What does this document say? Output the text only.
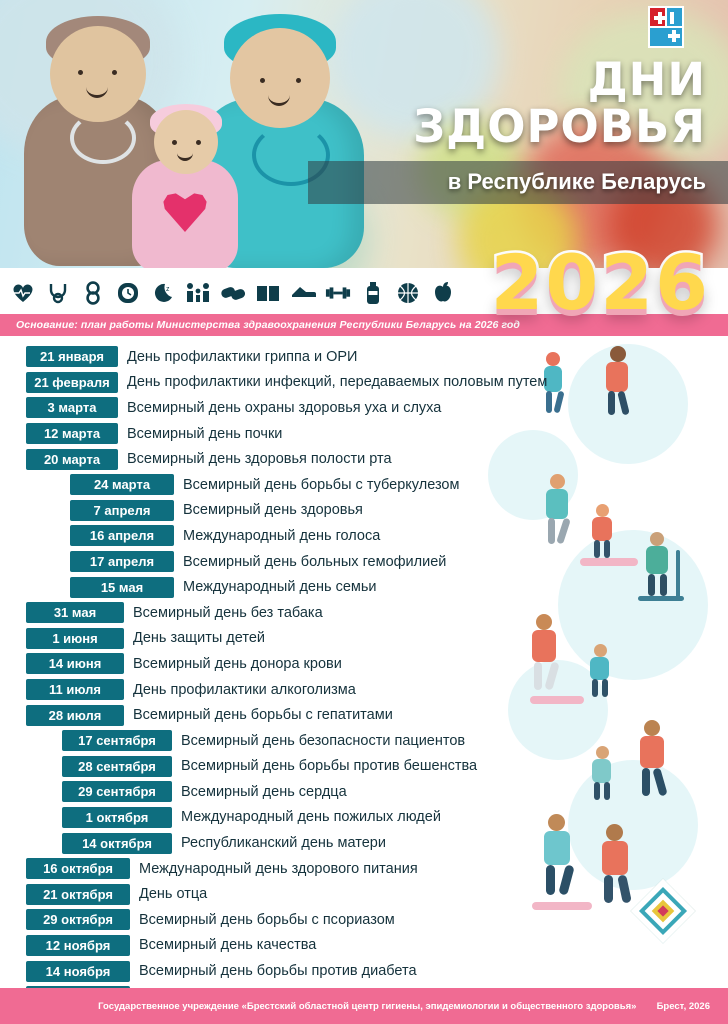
ДНИ ЗДОРОВЬЯ
в Республике Беларусь
2026
z
Основание: план работы Министерства здравоохранения Республики Беларусь на 2026 год
21 января	День профилактики гриппа и ОРИ
21 февраля	День профилактики инфекций, передаваемых половым путем
3 марта	Всемирный день охраны здоровья уха и слуха
12 марта	Всемирный день почки
20 марта	Всемирный день здоровья полости рта
24 марта	Всемирный день борьбы с туберкулезом
7 апреля	Всемирный день здоровья
16 апреля	Международный день голоса
17 апреля	Всемирный день больных гемофилией
15 мая	Международный день семьи
31 мая	Всемирный день без табака
1 июня	День защиты детей
14 июня	Всемирный день донора крови
11 июля	День профилактики алкоголизма
28 июля	Всемирный день борьбы с гепатитами
17 сентября	Всемирный день безопасности пациентов
28 сентября	Всемирный день борьбы против бешенства
29 сентября	Всемирный день сердца
1 октября	Международный день пожилых людей
14 октября	Республиканский день матери
16 октября	Международный день здорового питания
21 октября	День отца
29 октября	Всемирный день борьбы с псориазом
12 ноября	Всемирный день качества
14 ноября	Всемирный день борьбы против диабета
Государственное учреждение «Брестский областной центр гигиены, эпидемиологии и общественного здоровья»	Брест, 2026
